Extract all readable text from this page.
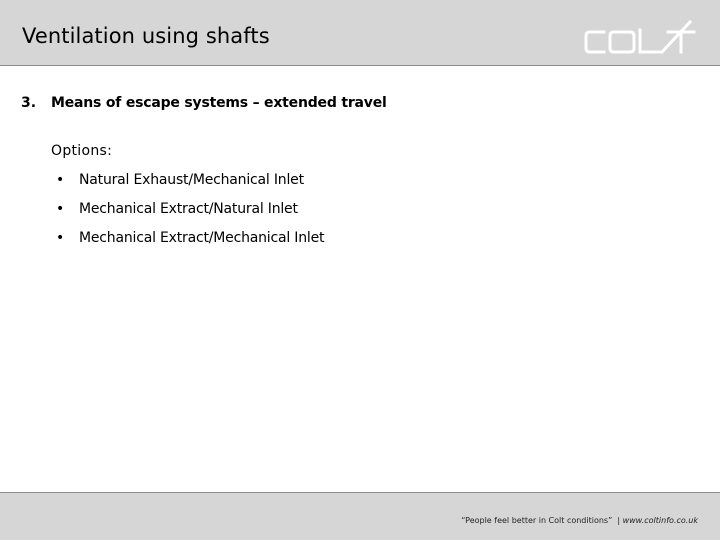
Ventilation using shafts
COLT
3. Means of escape systems – extended travel
Options:
• Natural Exhaust/Mechanical Inlet
• Mechanical Extract/Natural Inlet
• Mechanical Extract/Mechanical Inlet
“People feel better in Colt conditions” | www.coltinfo.co.uk
